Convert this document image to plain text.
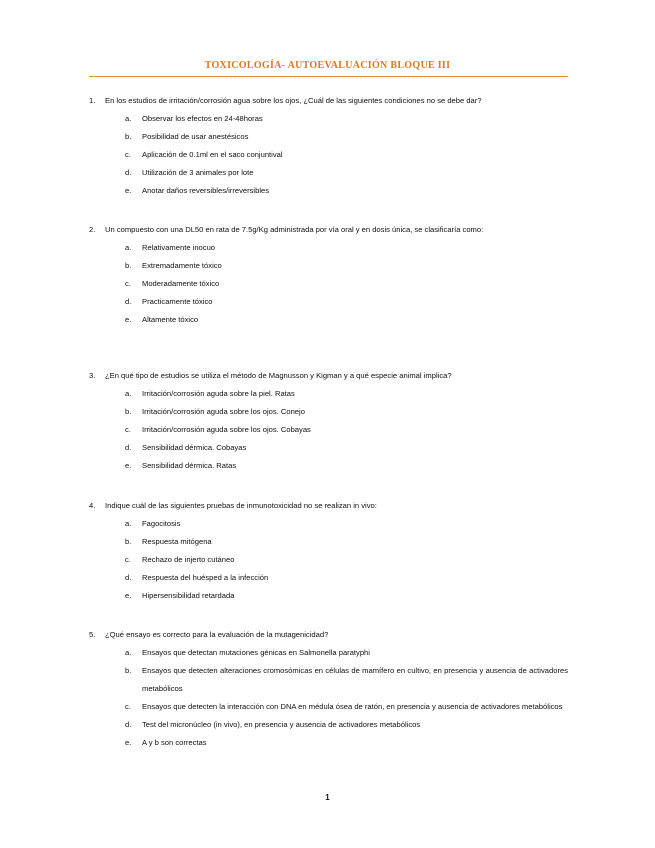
TOXICOLOGÍA- AUTOEVALUACIÓN BLOQUE III
1. En los estudios de irritación/corrosión agua sobre los ojos, ¿Cuál de las siguientes condiciones no se debe dar?
a. Observar los efectos en 24-48horas
b. Posibilidad de usar anestésicos
c. Aplicación de 0.1ml en el saco conjuntival
d. Utilización de 3 animales por lote
e. Anotar daños reversibles/irreversibles
2. Un compuesto con una DL50 en rata de 7.5g/Kg administrada por vía oral y en dosis única, se clasificaría como:
a. Relativamente inocuo
b. Extremadamente tóxico
c. Moderadamente tóxico
d. Practicamente tóxico
e. Altamente tóxico
3. ¿En qué tipo de estudios se utiliza el método de Magnusson y Kigman y a qué especie animal implica?
a. Irritación/corrosión aguda sobre la piel. Ratas
b. Irritación/corrosión aguda sobre los ojos. Conejo
c. Irritación/corrosión aguda sobre los ojos. Cobayas
d. Sensibilidad dérmica. Cobayas
e. Sensibilidad dérmica. Ratas
4. Indique cuál de las siguientes pruebas de inmunotoxicidad no se realizan in vivo:
a. Fagocitosis
b. Respuesta mitógena
c. Rechazo de injerto cutáneo
d. Respuesta del huésped a la infección
e. Hipersensibilidad retardada
5. ¿Qué ensayo es correcto para la evaluación de la mutagenicidad?
a. Ensayos que detectan mutaciones génicas en Salmonella paratyphi
b. Ensayos que detecten alteraciones cromosómicas en células de mamífero en cultivo, en presencia y ausencia de activadores metabólicos
c. Ensayos que detecten la interacción con DNA en médula ósea de ratón, en presencia y ausencia de activadores metabólicos
d. Test del micronúcleo (in vivo), en presencia y ausencia de activadores metabólicos
e. A y b son correctas
1
